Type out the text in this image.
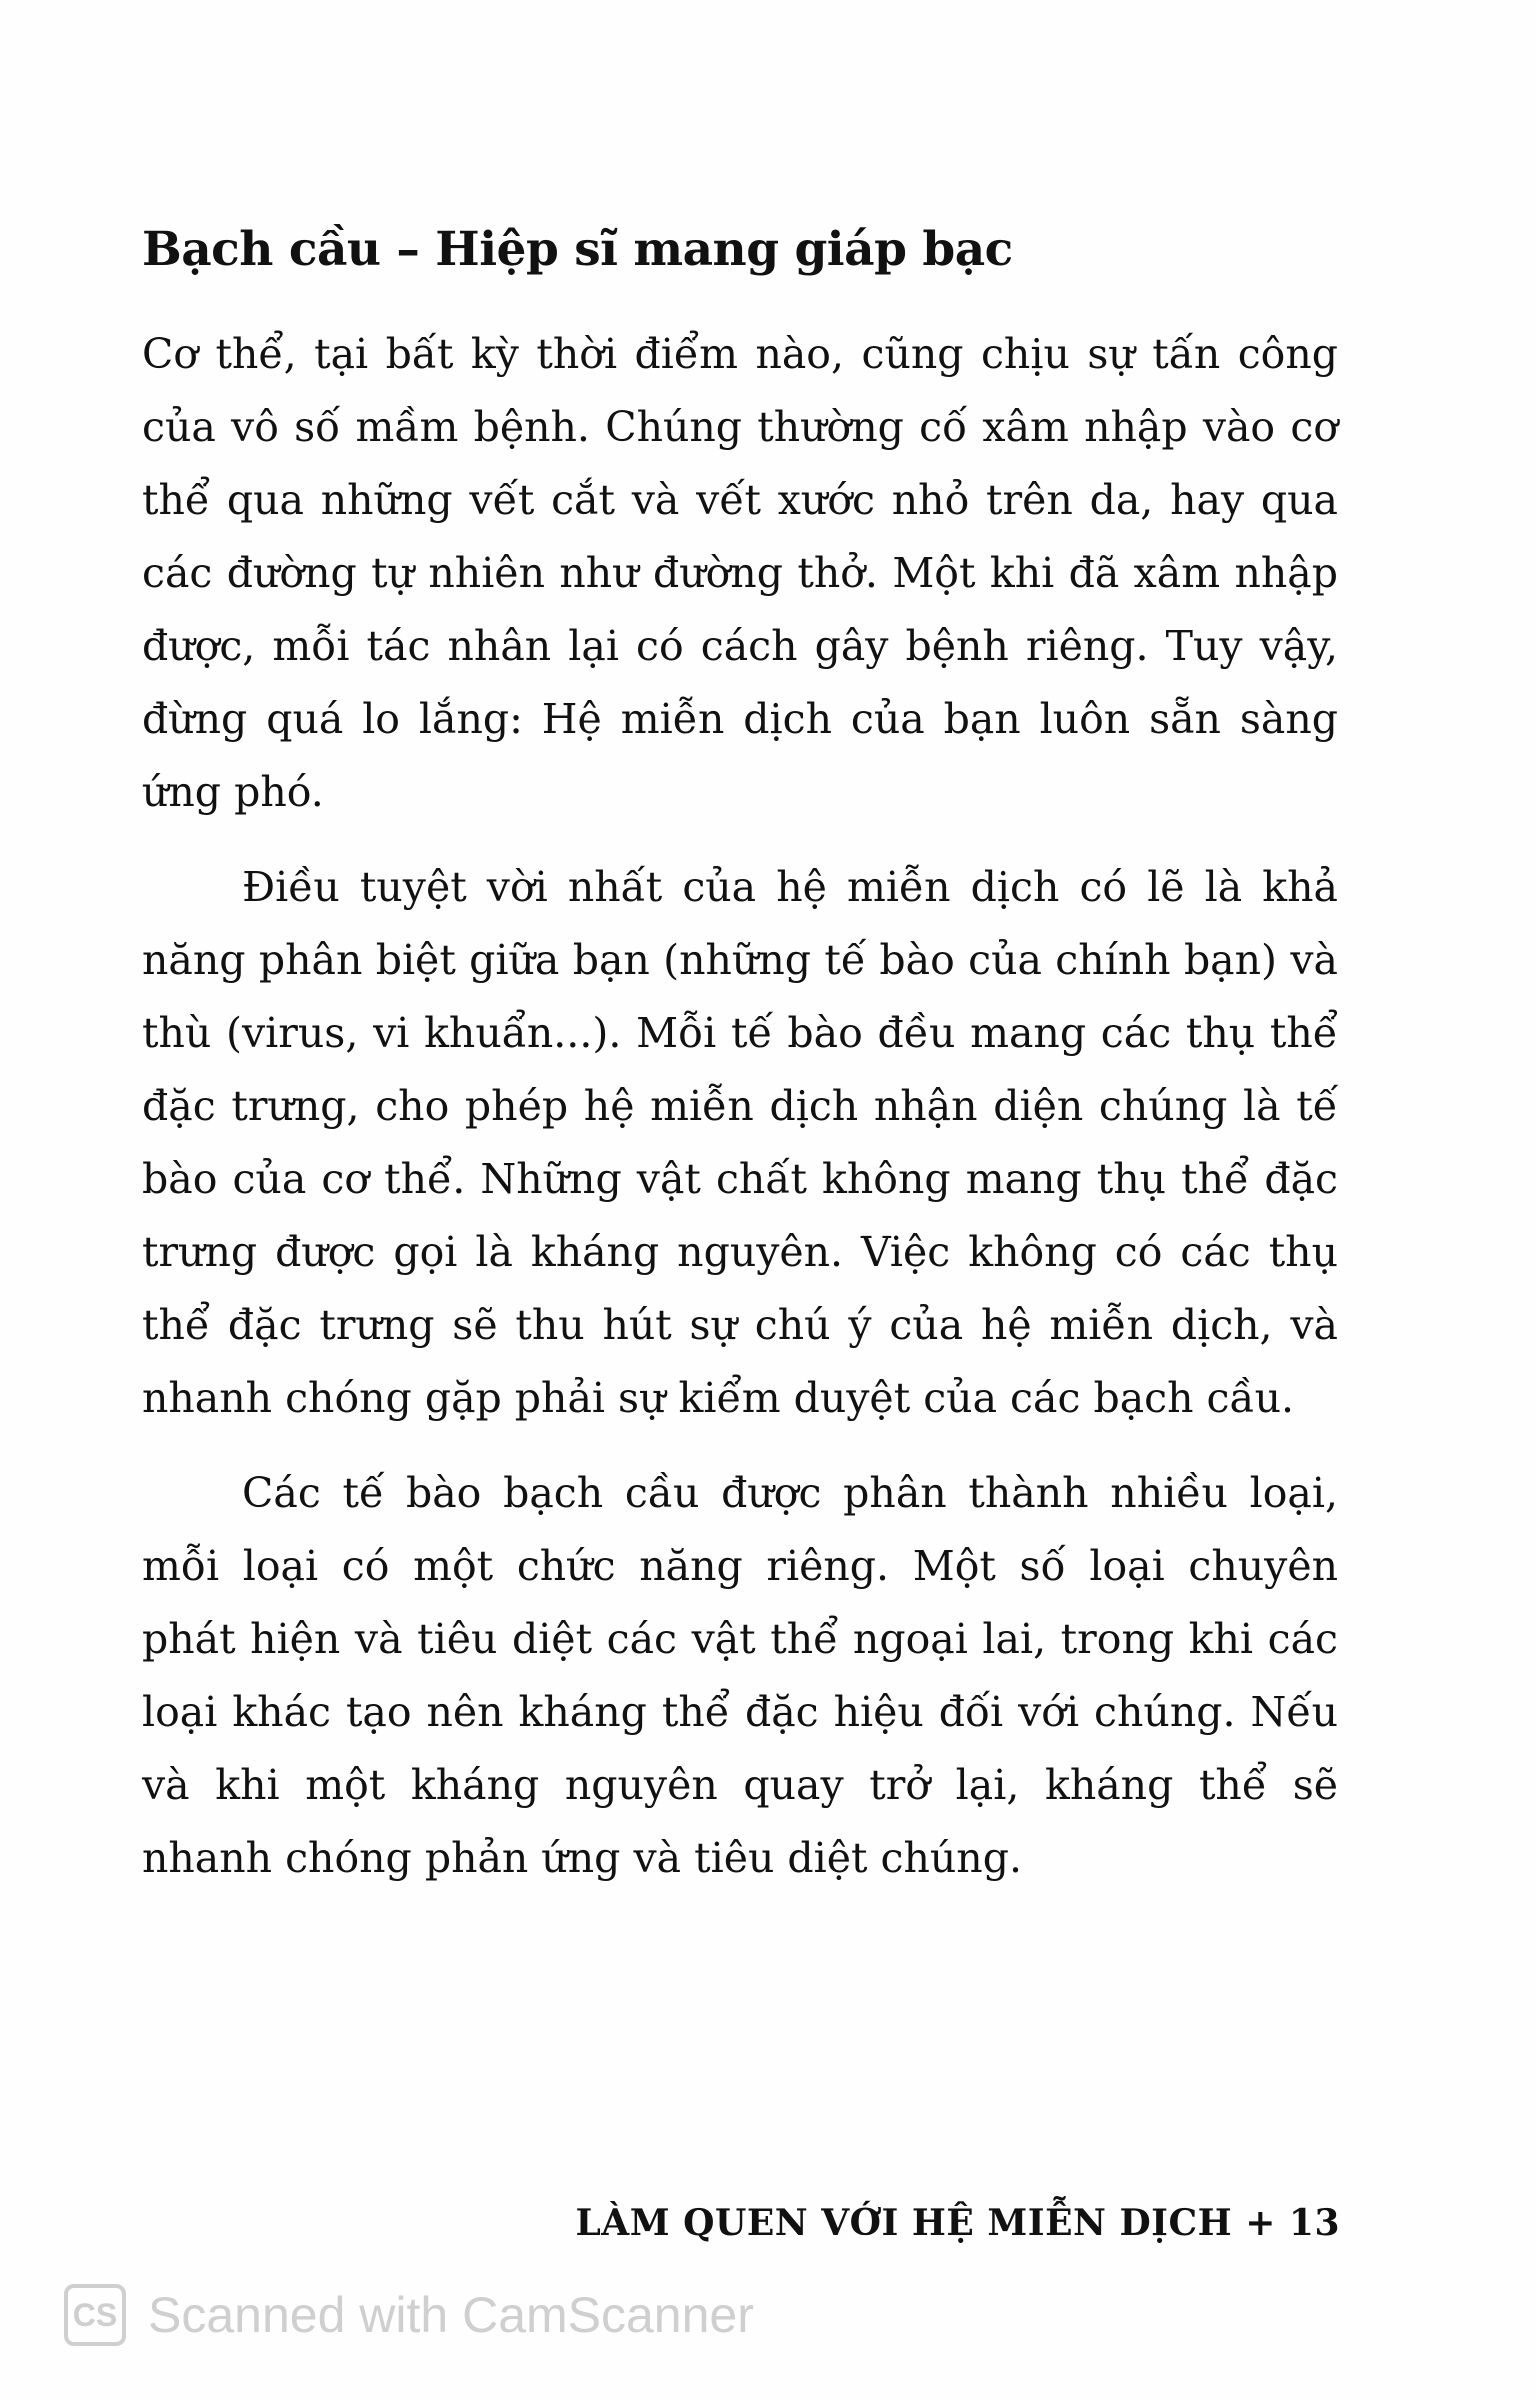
Bạch cầu – Hiệp sĩ mang giáp bạc

Cơ thể, tại bất kỳ thời điểm nào, cũng chịu sự tấn công của vô số mầm bệnh. Chúng thường cố xâm nhập vào cơ thể qua những vết cắt và vết xước nhỏ trên da, hay qua các đường tự nhiên như đường thở. Một khi đã xâm nhập được, mỗi tác nhân lại có cách gây bệnh riêng. Tuy vậy, đừng quá lo lắng: Hệ miễn dịch của bạn luôn sẵn sàng ứng phó.

Điều tuyệt vời nhất của hệ miễn dịch có lẽ là khả năng phân biệt giữa bạn (những tế bào của chính bạn) và thù (virus, vi khuẩn...). Mỗi tế bào đều mang các thụ thể đặc trưng, cho phép hệ miễn dịch nhận diện chúng là tế bào của cơ thể. Những vật chất không mang thụ thể đặc trưng được gọi là kháng nguyên. Việc không có các thụ thể đặc trưng sẽ thu hút sự chú ý của hệ miễn dịch, và nhanh chóng gặp phải sự kiểm duyệt của các bạch cầu.

Các tế bào bạch cầu được phân thành nhiều loại, mỗi loại có một chức năng riêng. Một số loại chuyên phát hiện và tiêu diệt các vật thể ngoại lai, trong khi các loại khác tạo nên kháng thể đặc hiệu đối với chúng. Nếu và khi một kháng nguyên quay trở lại, kháng thể sẽ nhanh chóng phản ứng và tiêu diệt chúng.

LÀM QUEN VỚI HỆ MIỄN DỊCH + 13

CS Scanned with CamScanner
